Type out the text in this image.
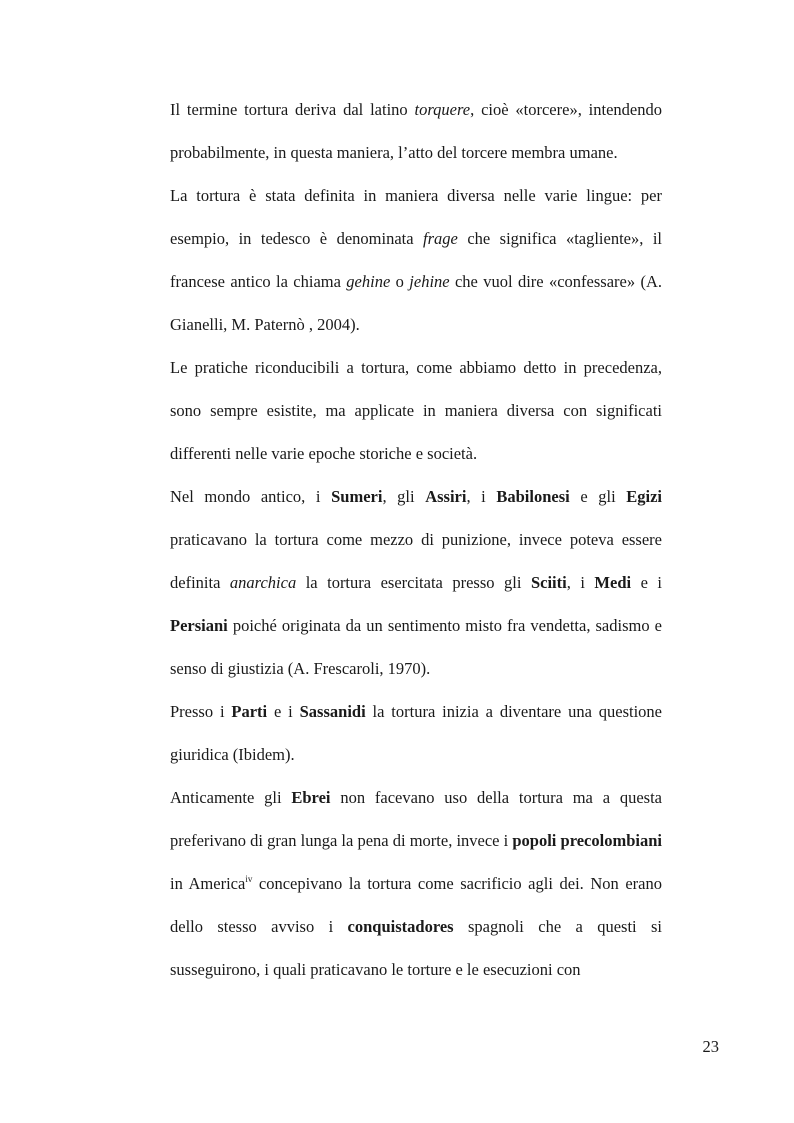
Il termine tortura deriva dal latino torquere, cioè «torcere», intendendo probabilmente, in questa maniera, l’atto del torcere membra umane.

La tortura è stata definita in maniera diversa nelle varie lingue: per esempio, in tedesco è denominata frage che significa «tagliente», il francese antico la chiama gehine o jehine che vuol dire «confessare» (A. Gianelli, M. Paternò , 2004).

Le pratiche riconducibili a tortura, come abbiamo detto in precedenza, sono sempre esistite, ma applicate in maniera diversa con significati differenti nelle varie epoche storiche e società.

Nel mondo antico, i Sumeri, gli Assiri, i Babilonesi e gli Egizi praticavano la tortura come mezzo di punizione, invece poteva essere definita anarchica la tortura esercitata presso gli Sciiti, i Medi e i Persiani poiché originata da un sentimento misto fra vendetta, sadismo e senso di giustizia (A. Frescaroli, 1970).

Presso i Parti e i Sassanidi la tortura inizia a diventare una questione giuridica (Ibidem).

Anticamente gli Ebrei non facevano uso della tortura ma a questa preferivano di gran lunga la pena di morte, invece i popoli precolombiani in America$^{iv}$ concepivano la tortura come sacrificio agli dei. Non erano dello stesso avviso i conquistadores spagnoli che a questi si susseguirono, i quali praticavano le torture e le esecuzioni con

23
